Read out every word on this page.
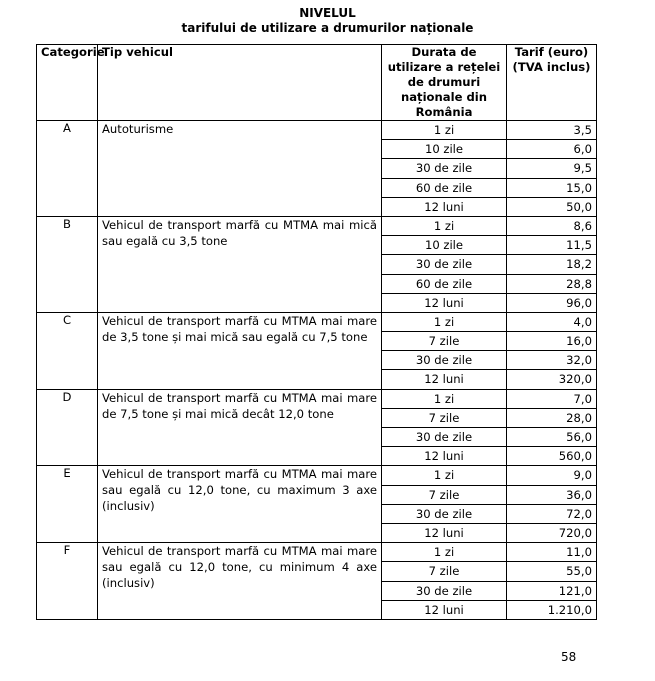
NIVELUL
tarifului de utilizare a drumurilor naționale
Categorie	Tip vehicul	Durata de utilizare a rețelei de drumuri naționale din România	Tarif (euro) (TVA inclus)
A	Autoturisme	1 zi	3,5
		10 zile	6,0
		30 de zile	9,5
		60 de zile	15,0
		12 luni	50,0
B	Vehicul de transport marfă cu MTMA mai mică sau egală cu 3,5 tone	1 zi	8,6
		10 zile	11,5
		30 de zile	18,2
		60 de zile	28,8
		12 luni	96,0
C	Vehicul de transport marfă cu MTMA mai mare de 3,5 tone și mai mică sau egală cu 7,5 tone	1 zi	4,0
		7 zile	16,0
		30 de zile	32,0
		12 luni	320,0
D	Vehicul de transport marfă cu MTMA mai mare de 7,5 tone și mai mică decât 12,0 tone	1 zi	7,0
		7 zile	28,0
		30 de zile	56,0
		12 luni	560,0
E	Vehicul de transport marfă cu MTMA mai mare sau egală cu 12,0 tone, cu maximum 3 axe (inclusiv)	1 zi	9,0
		7 zile	36,0
		30 de zile	72,0
		12 luni	720,0
F	Vehicul de transport marfă cu MTMA mai mare sau egală cu 12,0 tone, cu minimum 4 axe (inclusiv)	1 zi	11,0
		7 zile	55,0
		30 de zile	121,0
		12 luni	1.210,0
58
